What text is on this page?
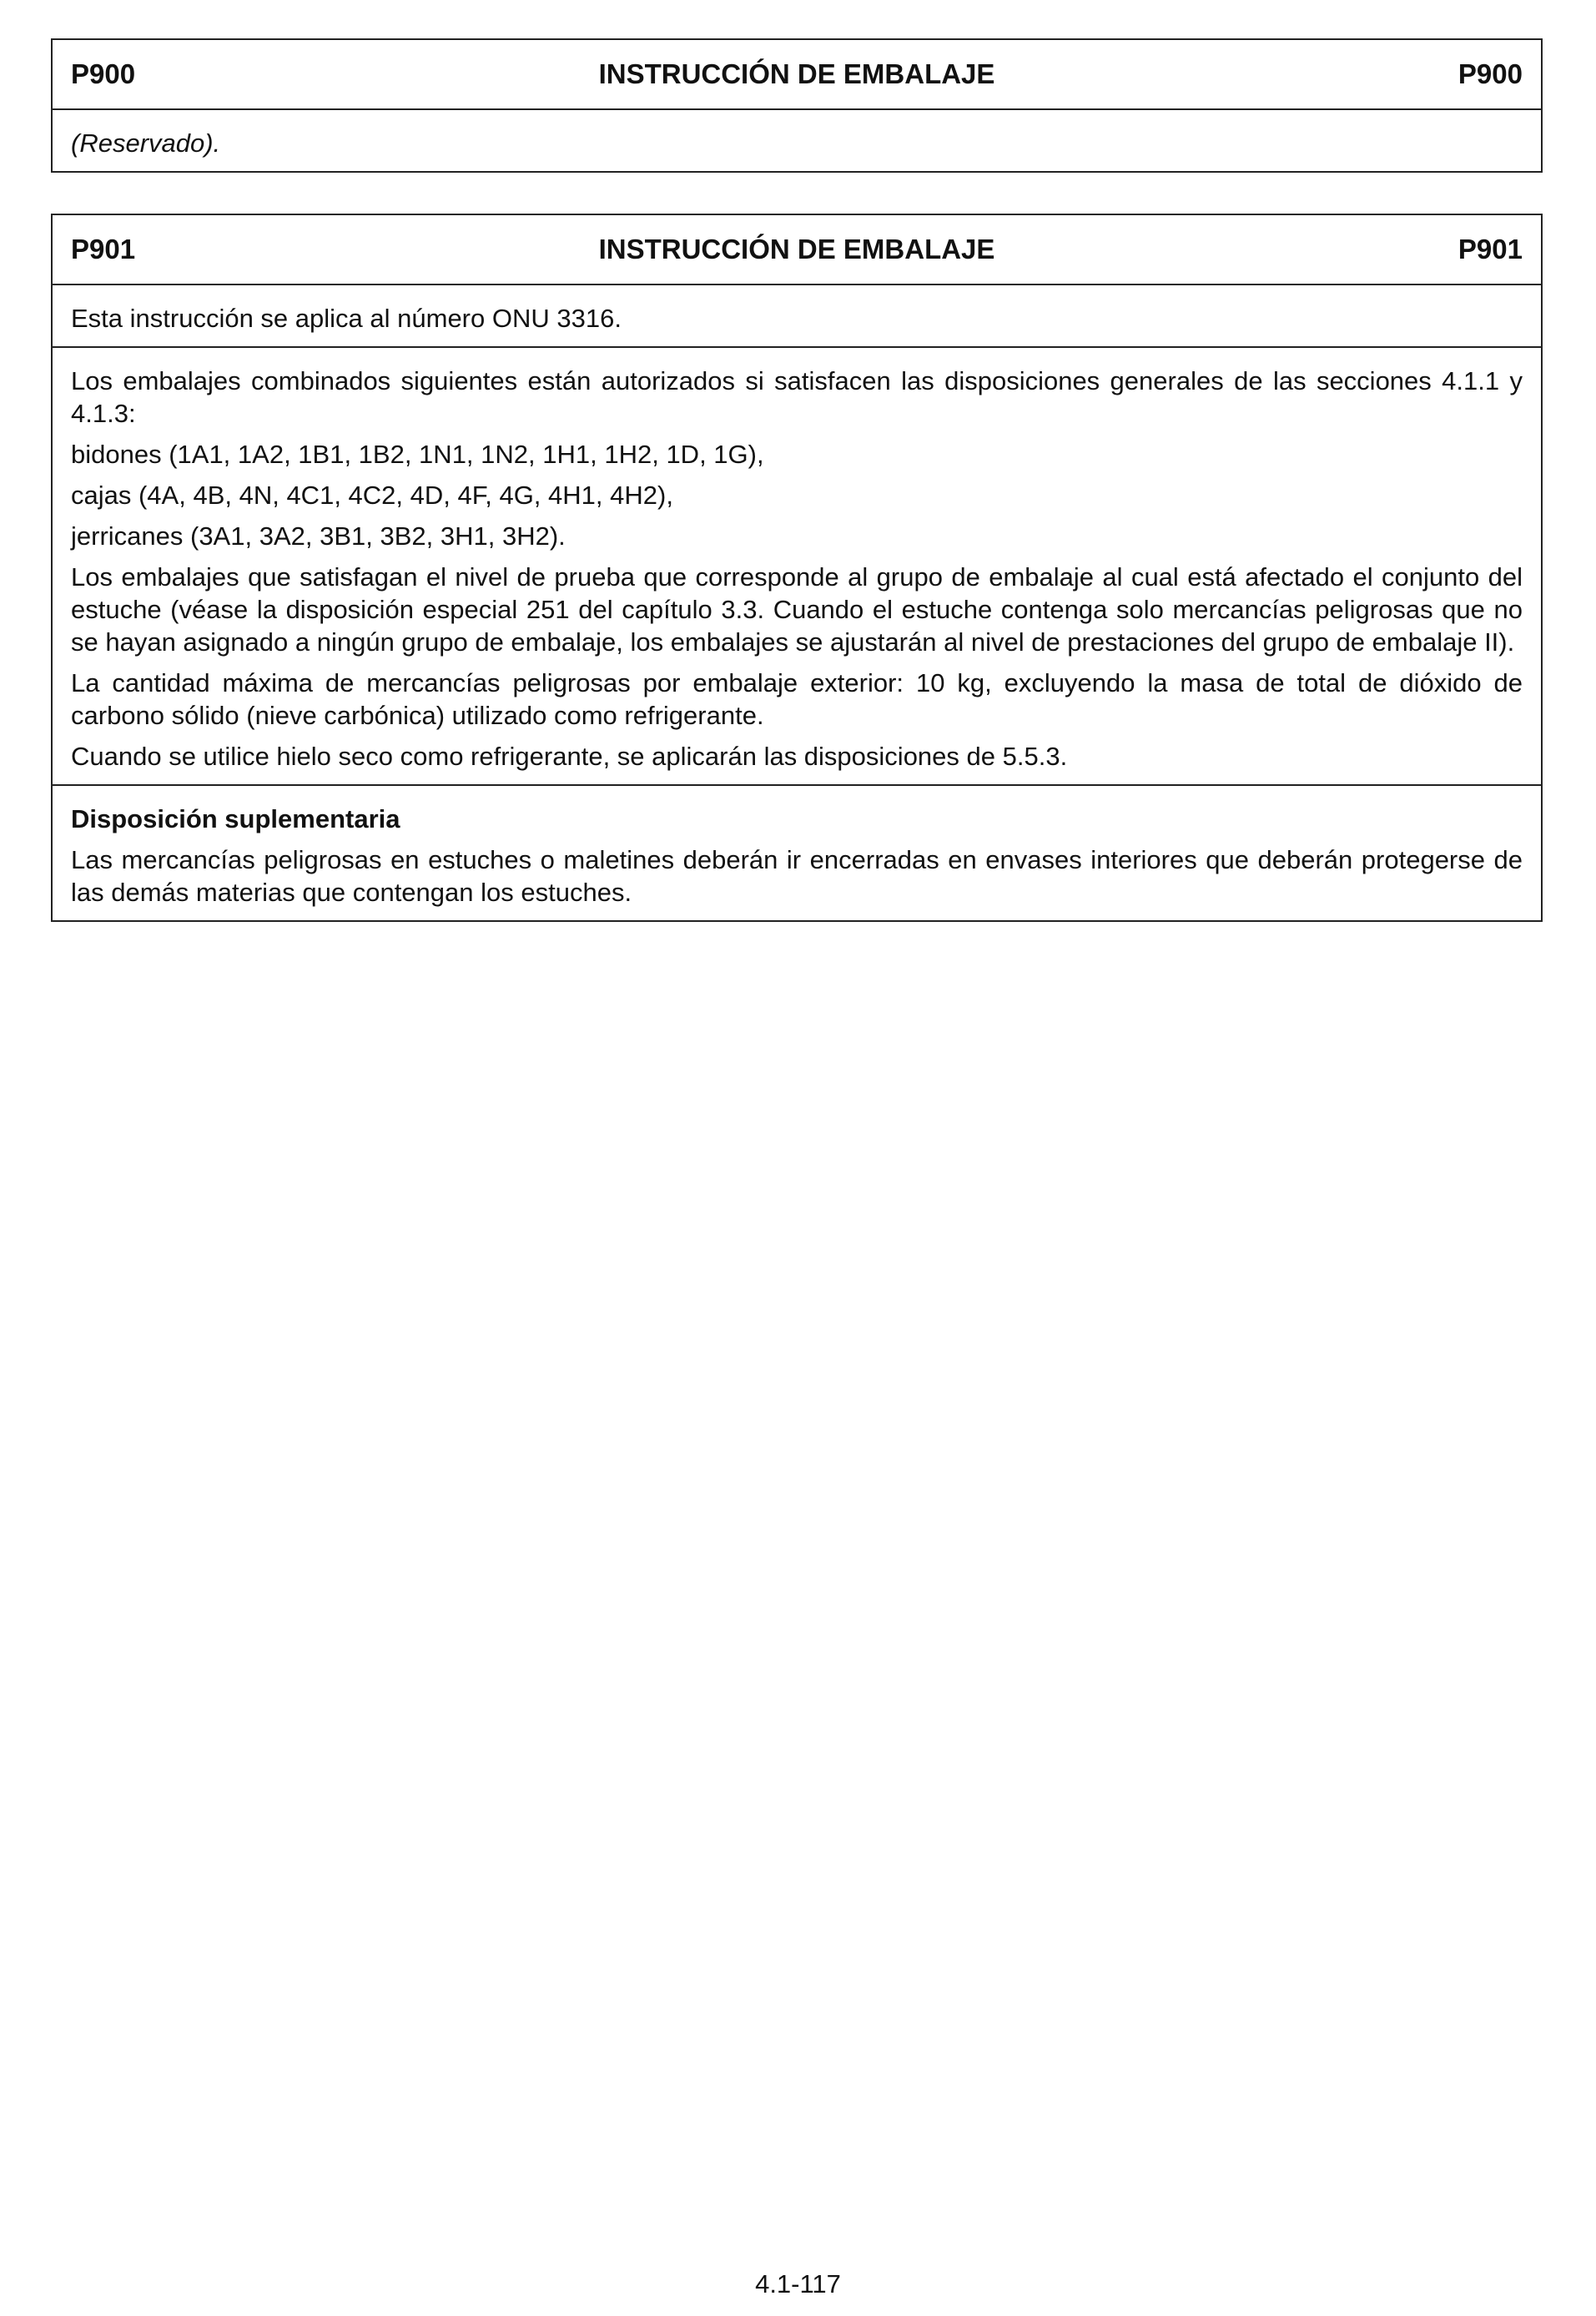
P900	INSTRUCCIÓN DE EMBALAJE	P900

(Reservado).

P901	INSTRUCCIÓN DE EMBALAJE	P901

Esta instrucción se aplica al número ONU 3316.

Los embalajes combinados siguientes están autorizados si satisfacen las disposiciones generales de las secciones 4.1.1 y 4.1.3:

bidones (1A1, 1A2, 1B1, 1B2, 1N1, 1N2, 1H1, 1H2, 1D, 1G),

cajas (4A, 4B, 4N, 4C1, 4C2, 4D, 4F, 4G, 4H1, 4H2),

jerricanes (3A1, 3A2, 3B1, 3B2, 3H1, 3H2).

Los embalajes que satisfagan el nivel de prueba que corresponde al grupo de embalaje al cual está afectado el conjunto del estuche (véase la disposición especial 251 del capítulo 3.3. Cuando el estuche contenga solo mercancías peligrosas que no se hayan asignado a ningún grupo de embalaje, los embalajes se ajustarán al nivel de prestaciones del grupo de embalaje II).

La cantidad máxima de mercancías peligrosas por embalaje exterior: 10 kg, excluyendo la masa de total de dióxido de carbono sólido (nieve carbónica) utilizado como refrigerante.

Cuando se utilice hielo seco como refrigerante, se aplicarán las disposiciones de 5.5.3.

Disposición suplementaria

Las mercancías peligrosas en estuches o maletines deberán ir encerradas en envases interiores que deberán protegerse de las demás materias que contengan los estuches.

4.1-117
